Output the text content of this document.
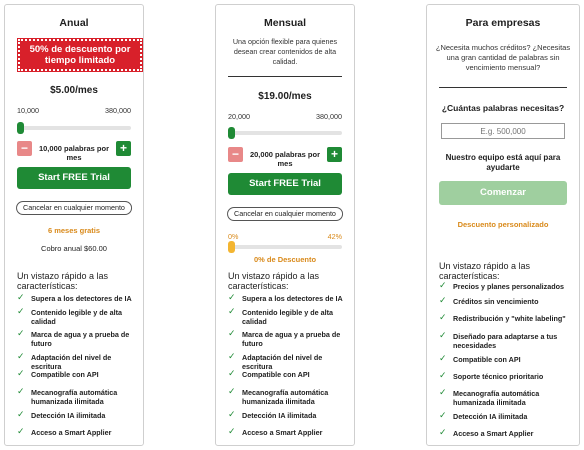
Anual
50% de descuento por tiempo limitado
$5.00/mes
10,000	380,000
−	10,000 palabras por mes
+
Start FREE Trial
Cancelar en cualquier momento
6 meses gratis
Cobro anual $60.00
Un vistazo rápido a las características:
✓ Supera a los detectores de IA
✓ Contenido legible y de alta calidad
✓ Marca de agua y a prueba de futuro
✓ Adaptación del nivel de escritura
✓ Compatible con API
✓ Mecanografía automática humanizada ilimitada
✓ Detección IA ilimitada
✓ Acceso a Smart Applier
Mensual
Una opción flexible para quienes desean crear contenidos de alta calidad.
$19.00/mes
20,000	380,000
−	20,000 palabras por mes
+
Start FREE Trial
Cancelar en cualquier momento
0%	42%
0% de Descuento
Un vistazo rápido a las características:
✓ Supera a los detectores de IA
✓ Contenido legible y de alta calidad
✓ Marca de agua y a prueba de futuro
✓ Adaptación del nivel de escritura
✓ Compatible con API
✓ Mecanografía automática humanizada ilimitada
✓ Detección IA ilimitada
✓ Acceso a Smart Applier
Para empresas
¿Necesita muchos créditos? ¿Necesitas una gran cantidad de palabras sin vencimiento mensual?
¿Cuántas palabras necesitas?
E.g. 500,000
Nuestro equipo está aquí para ayudarte
Comenzar
Descuento personalizado
Un vistazo rápido a las características:
✓ Precios y planes personalizados
✓ Créditos sin vencimiento
✓ Redistribución y "white labeling"
✓ Diseñado para adaptarse a tus necesidades
✓ Compatible con API
✓ Soporte técnico prioritario
✓ Mecanografía automática humanizada ilimitada
✓ Detección IA ilimitada
✓ Acceso a Smart Applier
